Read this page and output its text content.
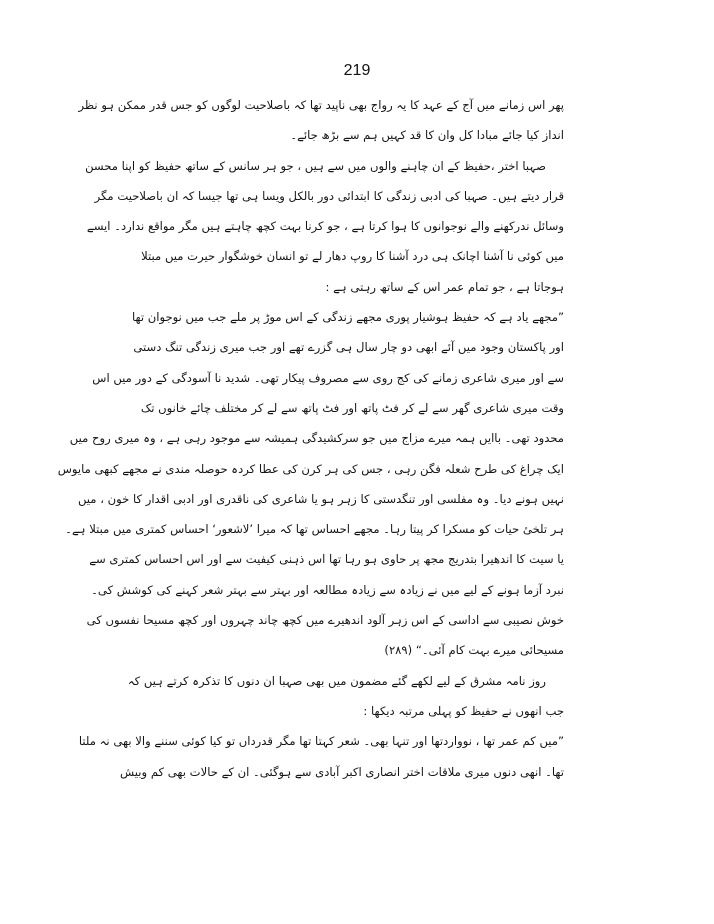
219
پھر اس زمانے میں آج کے عہد کا یہ رواج بھی ناپید تھا کہ باصلاحیت لوگوں کو جس قدر ممکن ہو نظر
انداز کیا جائے مبادا کل وان کا قد کہیں ہم سے بڑھ جائے۔
صہبا اختر ،حفیظ کے ان چاہنے والوں میں سے ہیں ، جو ہر سانس کے ساتھ حفیظ کو اپنا محسن
قرار دیتے ہیں۔ صہبا کی ادبی زندگی کا ابتدائی دور بالکل ویسا ہی تھا جیسا کہ ان باصلاحیت مگر
وسائل ندرکھنے والے نوجوانوں کا ہوا کرتا ہے ، جو کرنا بہت کچھ چاہتے ہیں مگر مواقع ندارد۔ ایسے
میں کوئی نا آشنا اچانک ہی درد آشنا کا روپ دھار لے تو انسان خوشگوار حیرت میں مبتلا
ہوجاتا ہے ، جو تمام عمر اس کے ساتھ رہتی ہے :
”مجھے یاد ہے کہ حفیظ ہوشیار پوری مجھے زندگی کے اس موڑ پر ملے جب میں نوجوان تھا
اور پاکستان وجود میں آئے ابھی دو چار سال ہی گزرے تھے اور جب میری زندگی تنگ دستی
سے اور میری شاعری زمانے کی کج روی سے مصروف پیکار تھی۔ شدید نا آسودگی کے دور میں اس
وقت میری شاعری گھر سے لے کر فٹ پاتھ اور فٹ پاتھ سے لے کر مختلف چائے خانوں تک
محدود تھی۔ باایں ہمہ میرے مزاج میں جو سرکشیدگی ہمیشہ سے موجود رہی ہے ، وہ میری روح میں
ایک چراغ کی طرح شعلہ فگن رہی ، جس کی ہر کرن کی عطا کردہ حوصلہ مندی نے مجھے کبھی مایوس
نہیں ہونے دیا۔ وہ مفلسی اور تنگدستی کا زہر ہو یا شاعری کی ناقدری اور ادبی اقدار کا خون ، میں
ہر تلخیٔ حیات کو مسکرا کر پیتا رہا۔ مجھے احساس تھا کہ میرا ’لاشعور‘ احساس کمتری میں مبتلا ہے۔
یا سیت کا اندھیرا بتدریج مجھ پر حاوی ہو رہا تھا اس ذہنی کیفیت سے اور اس احساس کمتری سے
نبرد آزما ہونے کے لیے میں نے زیادہ سے زیادہ مطالعہ اور بہتر سے بہتر شعر کہنے کی کوشش کی۔
خوش نصیبی سے اداسی کے اس زہر آلود اندھیرے میں کچھ چاند چہروں اور کچھ مسیحا نفسوں کی
مسیحائی میرے بہت کام آئی۔“ (۲۸۹)
روز نامہ مشرق کے لیے لکھے گئے مضمون میں بھی صہبا ان دنوں کا تذکرہ کرتے ہیں کہ
جب انھوں نے حفیظ کو پہلی مرتبہ دیکھا :
”میں کم عمر تھا ، نوواردتھا اور تنہا بھی۔ شعر کہتا تھا مگر قدرداں تو کیا کوئی سننے والا بھی نہ ملتا
تھا۔ انھی دنوں میری ملاقات اختر انصاری اکبر آبادی سے ہوگئی۔ ان کے حالات بھی کم وبیش
